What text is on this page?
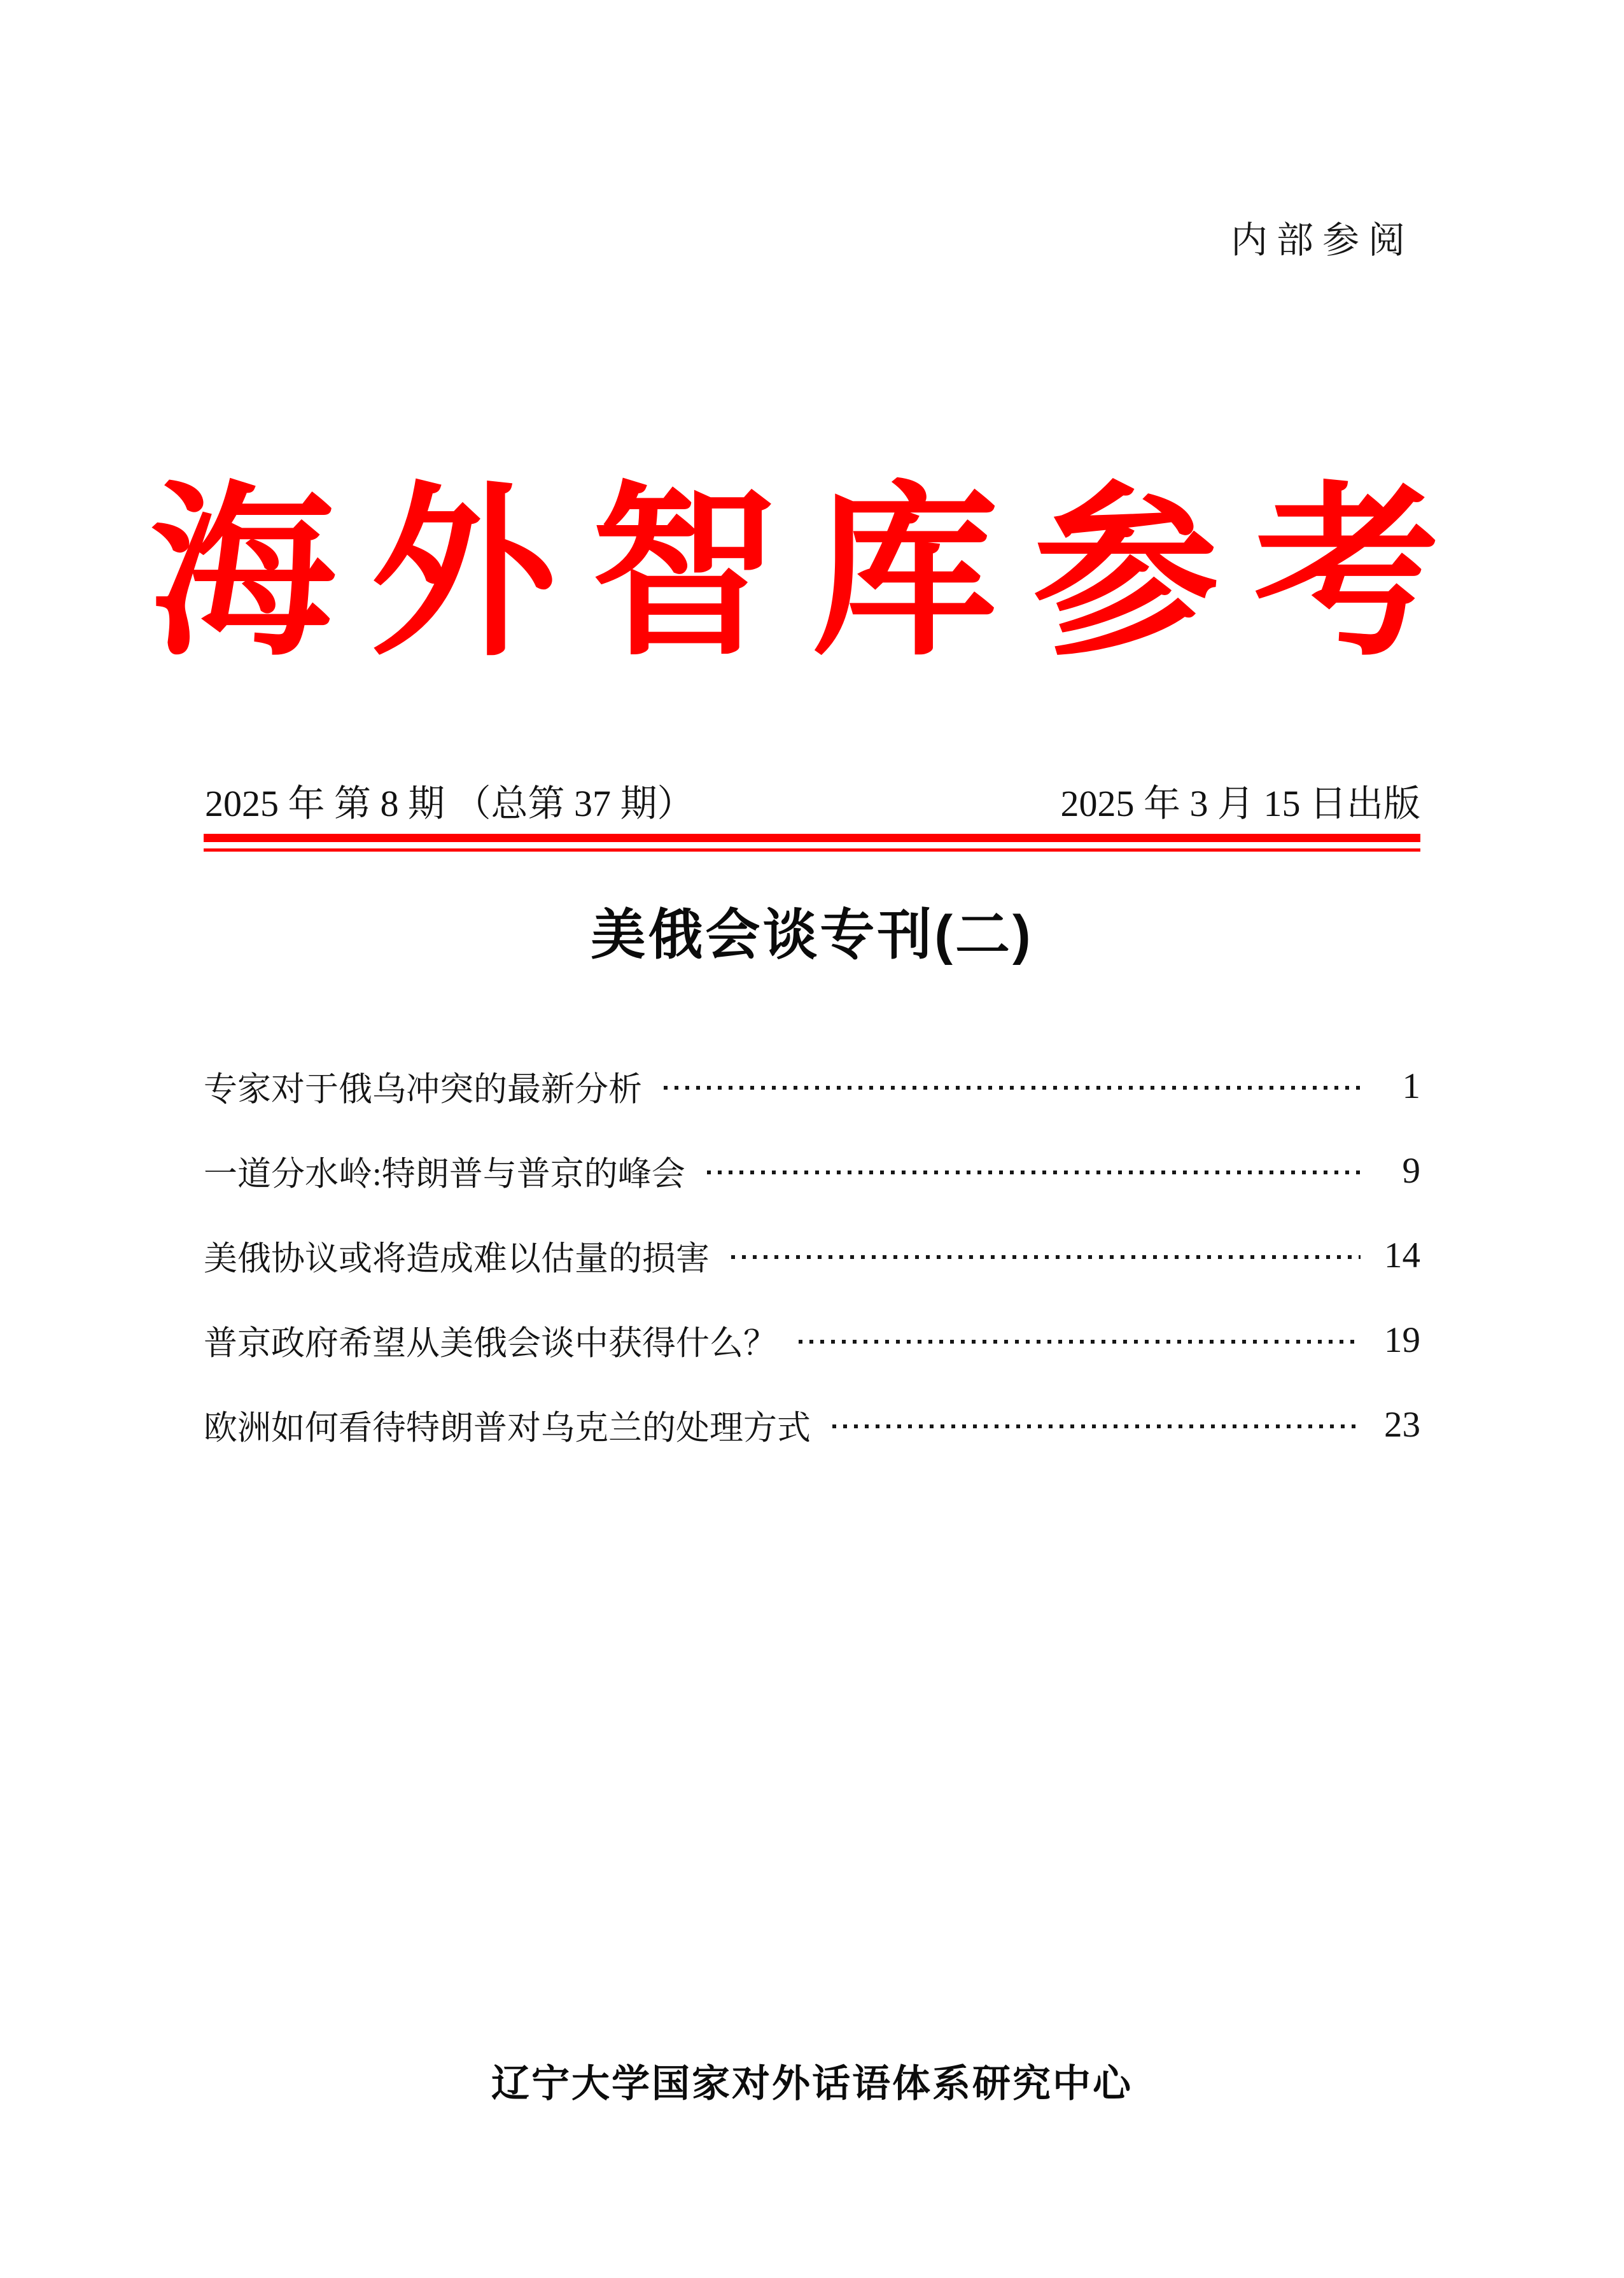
内部参阅
海外智库参考
2025 年 第 8 期 （总第 37 期）	2025 年 3 月 15 日出版
美俄会谈专刊(二)
专家对于俄乌冲突的最新分析	1
一道分水岭:特朗普与普京的峰会	9
美俄协议或将造成难以估量的损害	14
普京政府希望从美俄会谈中获得什么？	19
欧洲如何看待特朗普对乌克兰的处理方式	23
辽宁大学国家对外话语体系研究中心
